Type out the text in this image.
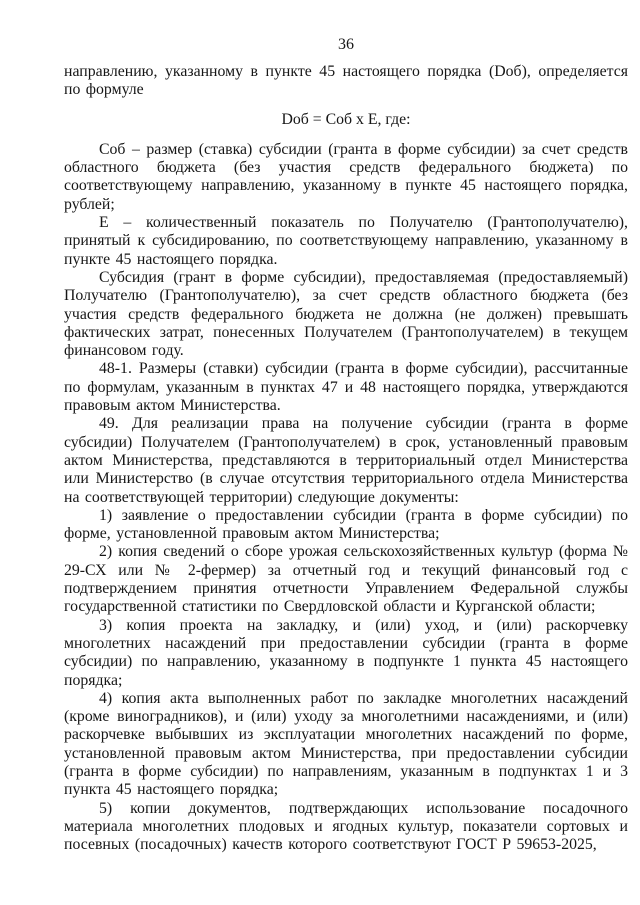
36

направлению, указанному в пункте 45 настоящего порядка (Dоб), определяется по формуле

Dоб = Соб x Е, где:

Соб – размер (ставка) субсидии (гранта в форме субсидии) за счет средств областного бюджета (без участия средств федерального бюджета) по соответствующему направлению, указанному в пункте 45 настоящего порядка, рублей;

Е – количественный показатель по Получателю (Грантополучателю), принятый к субсидированию, по соответствующему направлению, указанному в пункте 45 настоящего порядка.

Субсидия (грант в форме субсидии), предоставляемая (предоставляемый) Получателю (Грантополучателю), за счет средств областного бюджета (без участия средств федерального бюджета не должна (не должен) превышать фактических затрат, понесенных Получателем (Грантополучателем) в текущем финансовом году.

48-1. Размеры (ставки) субсидии (гранта в форме субсидии), рассчитанные по формулам, указанным в пунктах 47 и 48 настоящего порядка, утверждаются правовым актом Министерства.

49. Для реализации права на получение субсидии (гранта в форме субсидии) Получателем (Грантополучателем) в срок, установленный правовым актом Министерства, представляются в территориальный отдел Министерства или Министерство (в случае отсутствия территориального отдела Министерства на соответствующей территории) следующие документы:

1) заявление о предоставлении субсидии (гранта в форме субсидии) по форме, установленной правовым актом Министерства;

2) копия сведений о сборе урожая сельскохозяйственных культур (форма № 29-СХ или № 2-фермер) за отчетный год и текущий финансовый год с подтверждением принятия отчетности Управлением Федеральной службы государственной статистики по Свердловской области и Курганской области;

3) копия проекта на закладку, и (или) уход, и (или) раскорчевку многолетних насаждений при предоставлении субсидии (гранта в форме субсидии) по направлению, указанному в подпункте 1 пункта 45 настоящего порядка;

4) копия акта выполненных работ по закладке многолетних насаждений (кроме виноградников), и (или) уходу за многолетними насаждениями, и (или) раскорчевке выбывших из эксплуатации многолетних насаждений по форме, установленной правовым актом Министерства, при предоставлении субсидии (гранта в форме субсидии) по направлениям, указанным в подпунктах 1 и 3 пункта 45 настоящего порядка;

5) копии документов, подтверждающих использование посадочного материала многолетних плодовых и ягодных культур, показатели сортовых и посевных (посадочных) качеств которого соответствуют ГОСТ Р 59653-2025,
